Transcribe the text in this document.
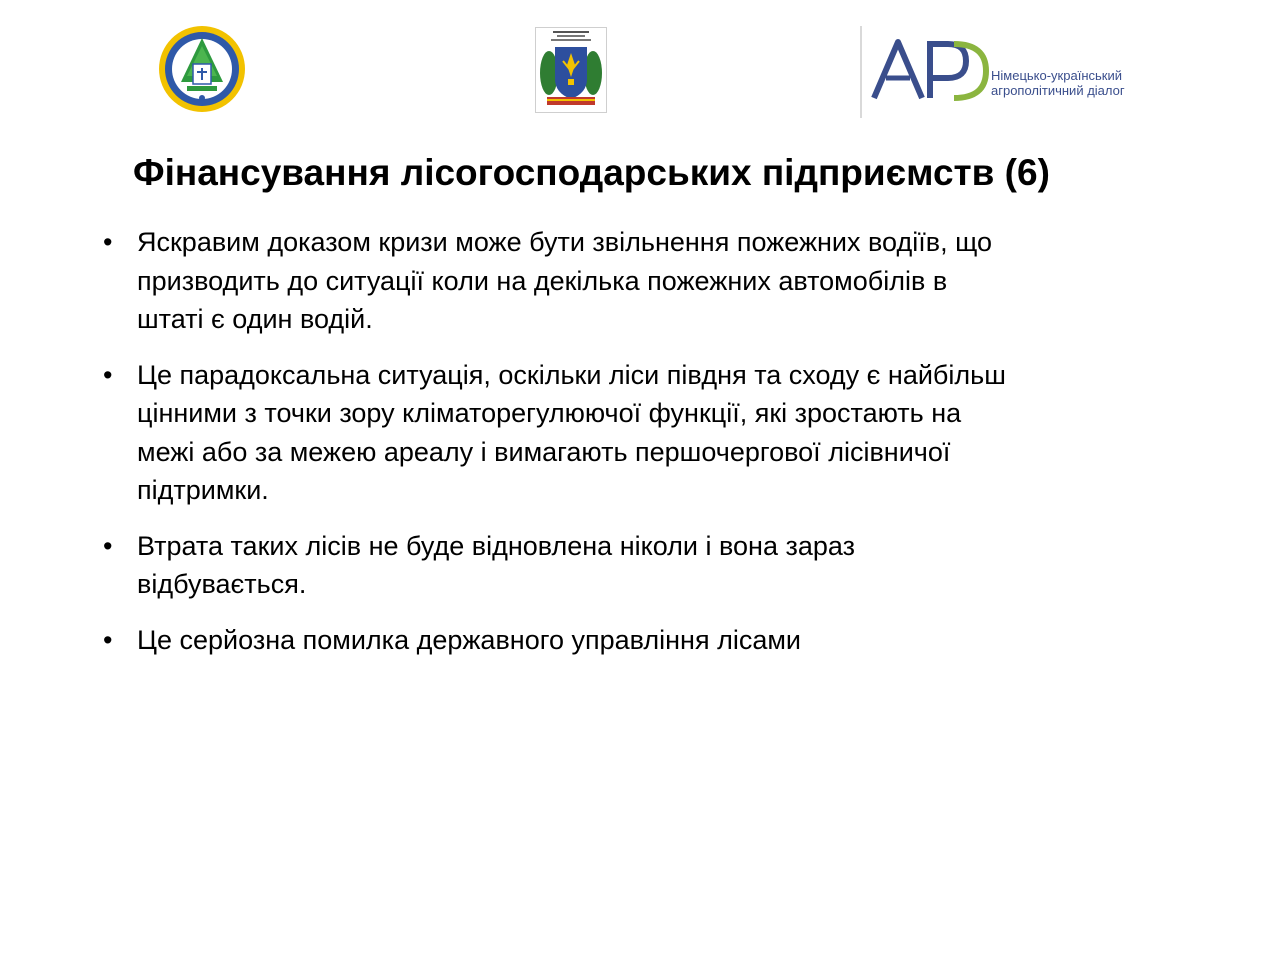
Німецько-український
агрополітичний діалог
Фінансування лісогосподарських підприємств (6)
• Яскравим доказом кризи може бути звільнення пожежних водіїв, що
призводить до ситуації коли на декілька пожежних автомобілів в
штаті є один водій.
• Це парадоксальна ситуація, оскільки ліси півдня та сходу є найбільш
цінними з точки зору кліматорегулюючої функції, які зростають на
межі або за межею ареалу і вимагають першочергової лісівничої
підтримки.
• Втрата таких лісів не буде відновлена ніколи і вона зараз
відбувається.
• Це серйозна помилка державного управління лісами
